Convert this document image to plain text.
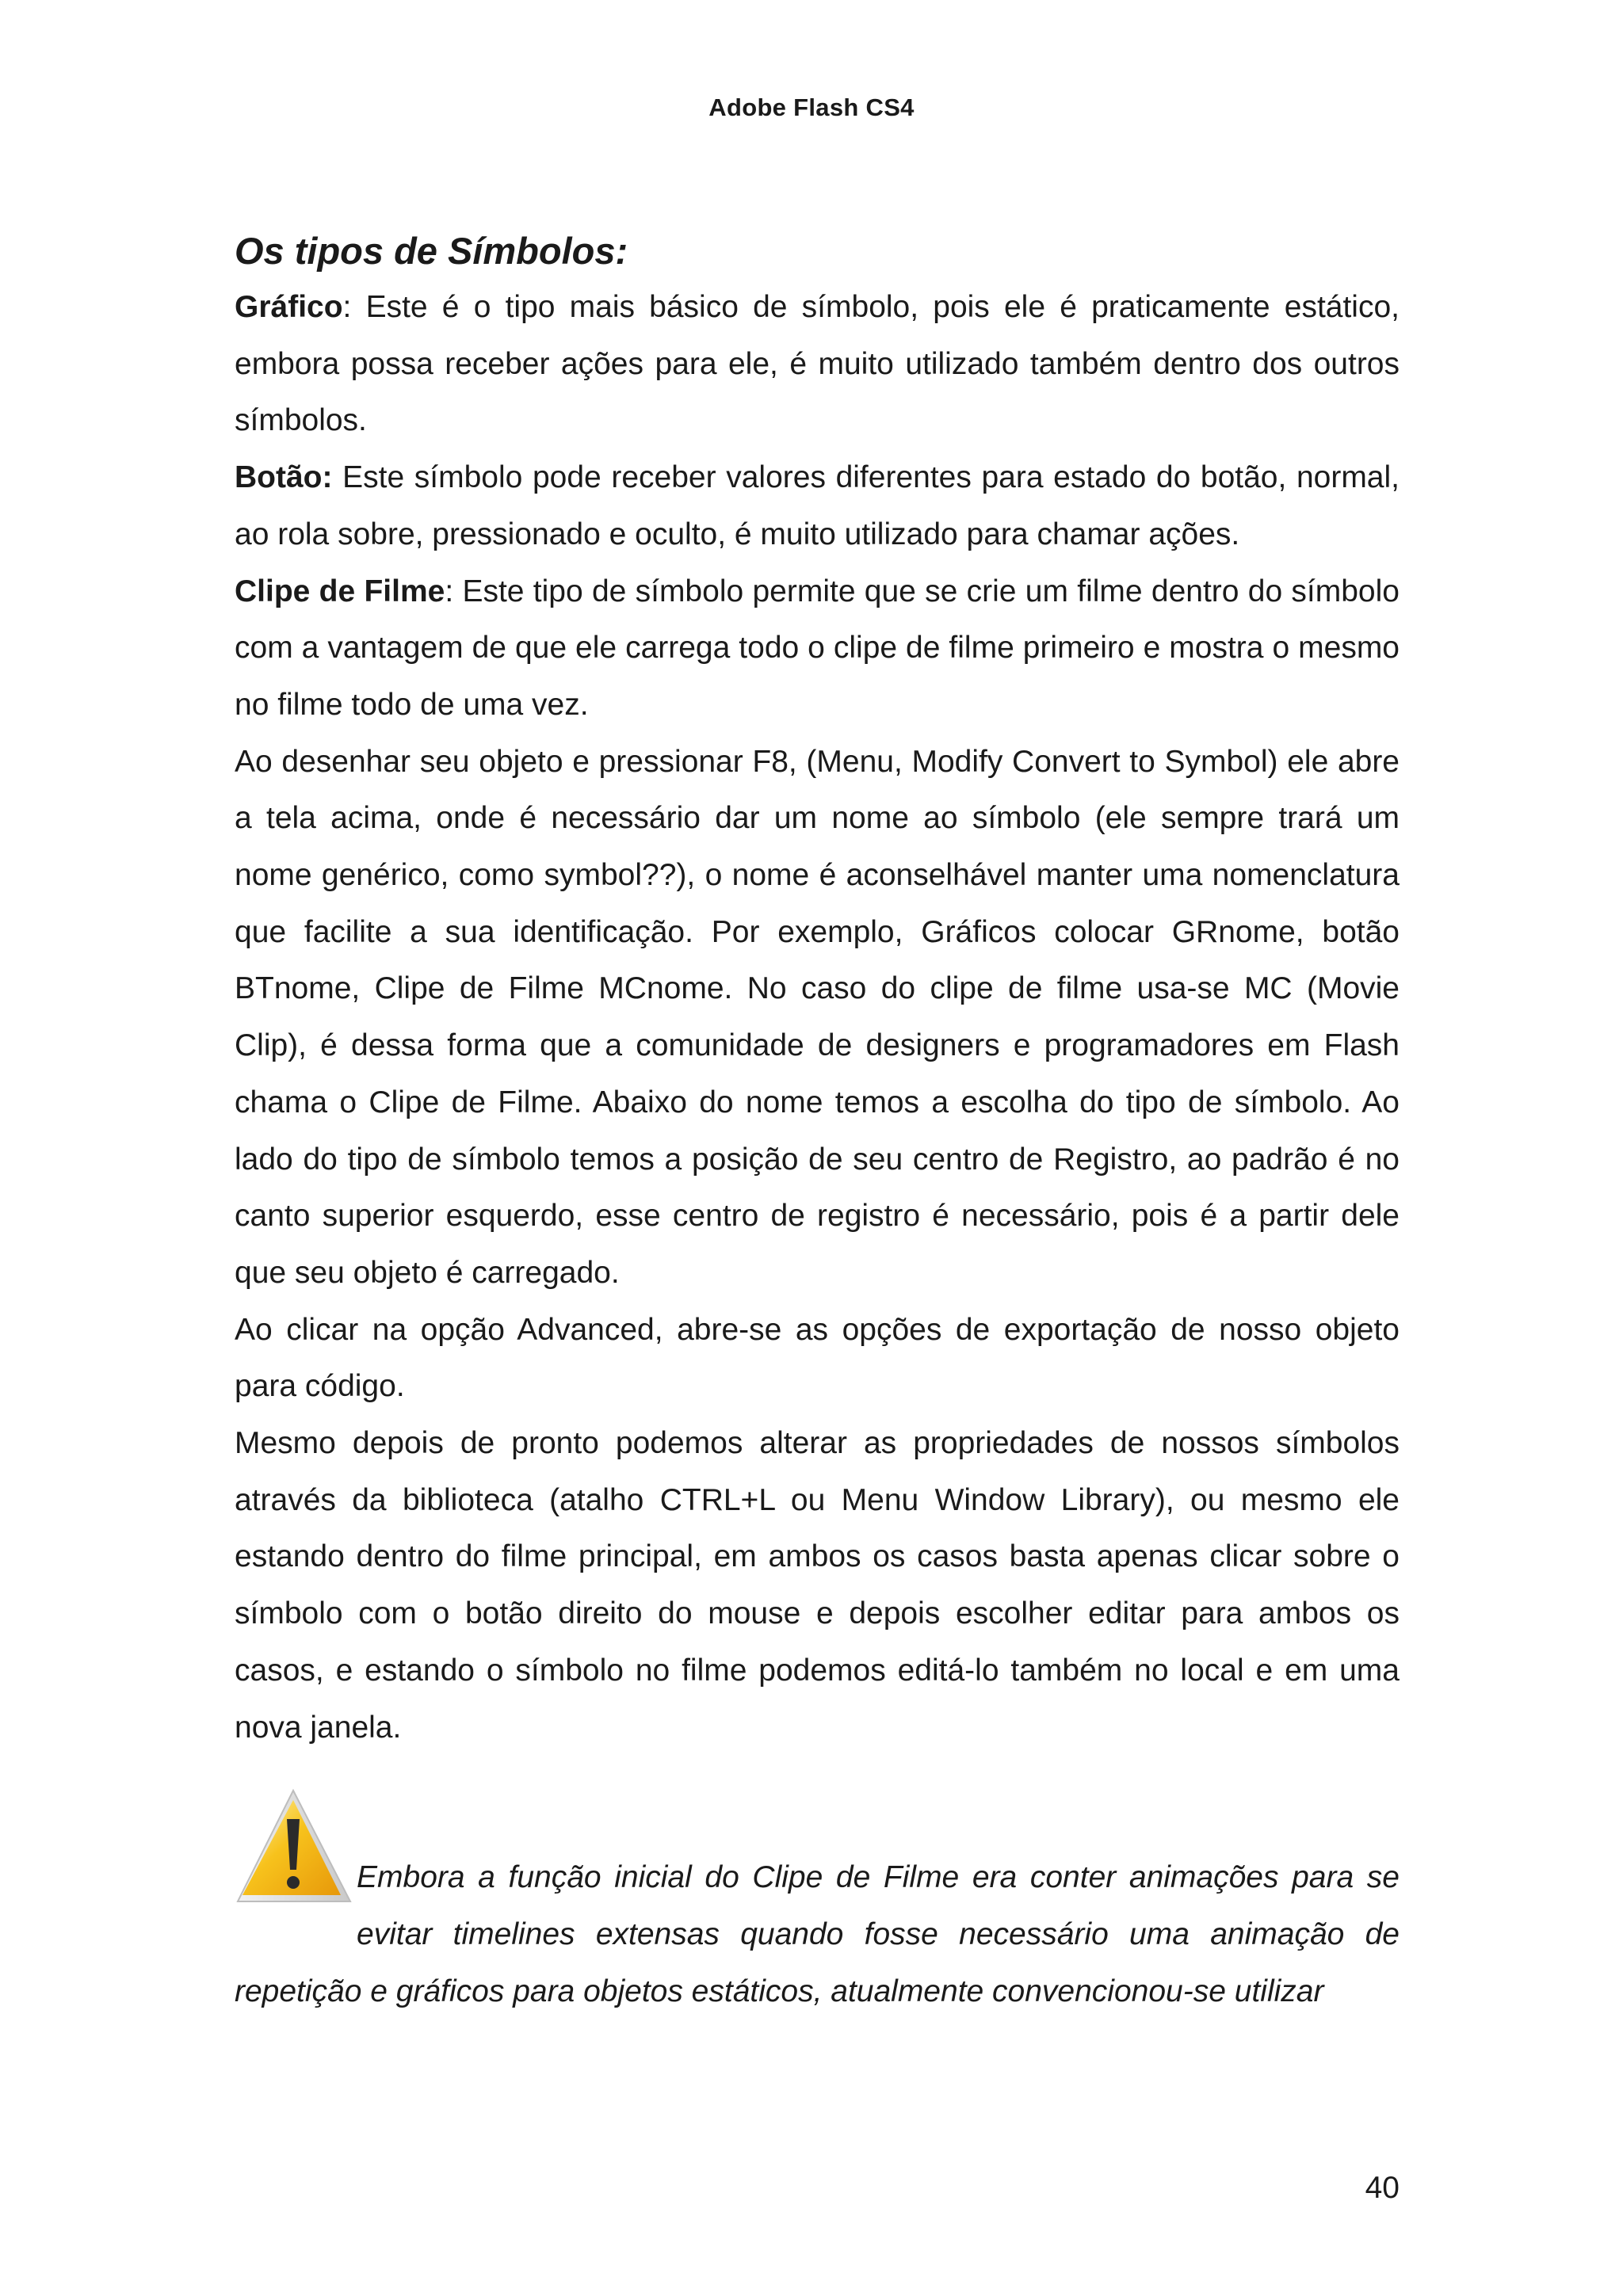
Adobe Flash CS4
Os tipos de Símbolos:

Gráfico: Este é o tipo mais básico de símbolo, pois ele é praticamente estático, embora possa receber ações para ele, é muito utilizado também dentro dos outros símbolos.

Botão: Este símbolo pode receber valores diferentes para estado do botão, normal, ao rola sobre, pressionado e oculto, é muito utilizado para chamar ações.

Clipe de Filme: Este tipo de símbolo permite que se crie um filme dentro do símbolo com a vantagem de que ele carrega todo o clipe de filme primeiro e mostra o mesmo no filme todo de uma vez.

Ao desenhar seu objeto e pressionar F8, (Menu, Modify Convert to Symbol) ele abre a tela acima, onde é necessário dar um nome ao símbolo (ele sempre trará um nome genérico, como symbol??), o nome é aconselhável manter uma nomenclatura que facilite a sua identificação. Por exemplo, Gráficos colocar GRnome, botão BTnome, Clipe de Filme MCnome. No caso do clipe de filme usa-se MC (Movie Clip), é dessa forma que a comunidade de designers e programadores em Flash chama o Clipe de Filme. Abaixo do nome temos a escolha do tipo de símbolo. Ao lado do tipo de símbolo temos a posição de seu centro de Registro, ao padrão é no canto superior esquerdo, esse centro de registro é necessário, pois é a partir dele que seu objeto é carregado.

Ao clicar na opção Advanced, abre-se as opções de exportação de nosso objeto para código.

Mesmo depois de pronto podemos alterar as propriedades de nossos símbolos através da biblioteca (atalho CTRL+L ou Menu Window Library), ou mesmo ele estando dentro do filme principal, em ambos os casos basta apenas clicar sobre o símbolo com o botão direito do mouse e depois escolher editar para ambos os casos, e estando o símbolo no filme podemos editá-lo também no local e em uma nova janela.

Embora a função inicial do Clipe de Filme era conter animações para se evitar timelines extensas quando fosse necessário uma animação de repetição e gráficos para objetos estáticos, atualmente convencionou-se utilizar
40
